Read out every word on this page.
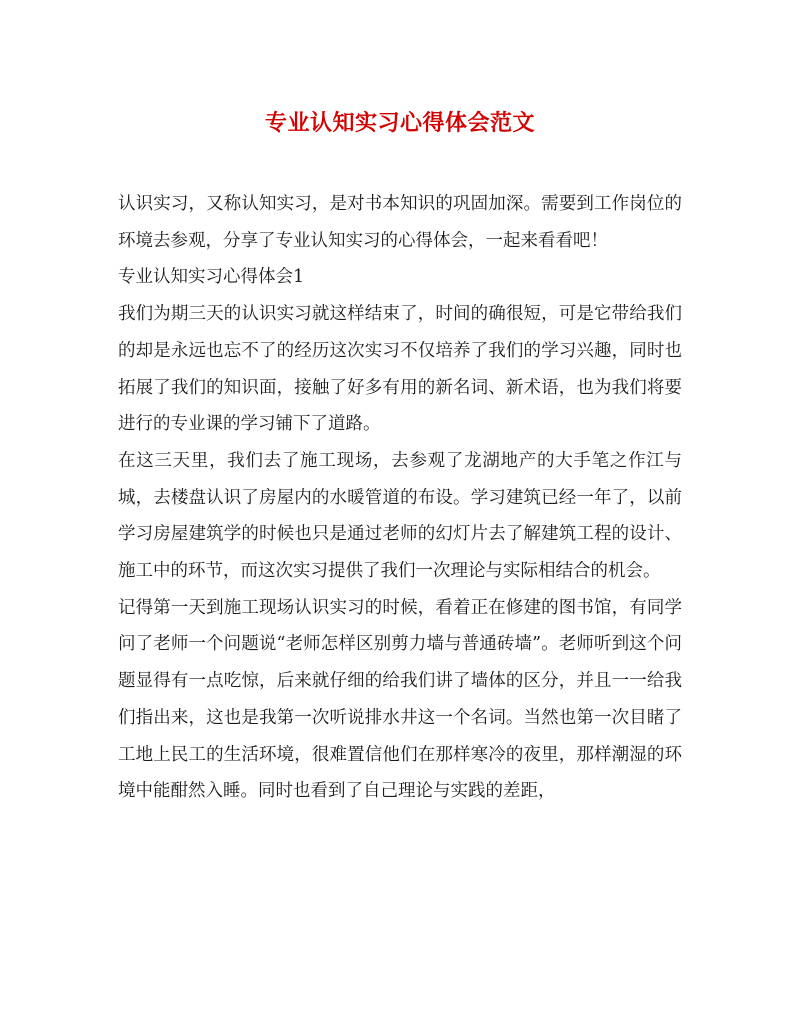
专业认知实习心得体会范文

认识实习，又称认知实习，是对书本知识的巩固加深。需要到工作岗位的环境去参观，分享了专业认知实习的心得体会，一起来看看吧！

专业认知实习心得体会1

我们为期三天的认识实习就这样结束了，时间的确很短，可是它带给我们的却是永远也忘不了的经历这次实习不仅培养了我们的学习兴趣，同时也拓展了我们的知识面，接触了好多有用的新名词、新术语，也为我们将要进行的专业课的学习铺下了道路。

在这三天里，我们去了施工现场，去参观了龙湖地产的大手笔之作江与城，去楼盘认识了房屋内的水暖管道的布设。学习建筑已经一年了，以前学习房屋建筑学的时候也只是通过老师的幻灯片去了解建筑工程的设计、施工中的环节，而这次实习提供了我们一次理论与实际相结合的机会。

记得第一天到施工现场认识实习的时候，看着正在修建的图书馆，有同学问了老师一个问题说“老师怎样区别剪力墙与普通砖墙”。老师听到这个问题显得有一点吃惊，后来就仔细的给我们讲了墙体的区分，并且一一给我们指出来，这也是我第一次听说排水井这一个名词。当然也第一次目睹了工地上民工的生活环境，很难置信他们在那样寒冷的夜里，那样潮湿的环境中能酣然入睡。同时也看到了自己理论与实践的差距，
